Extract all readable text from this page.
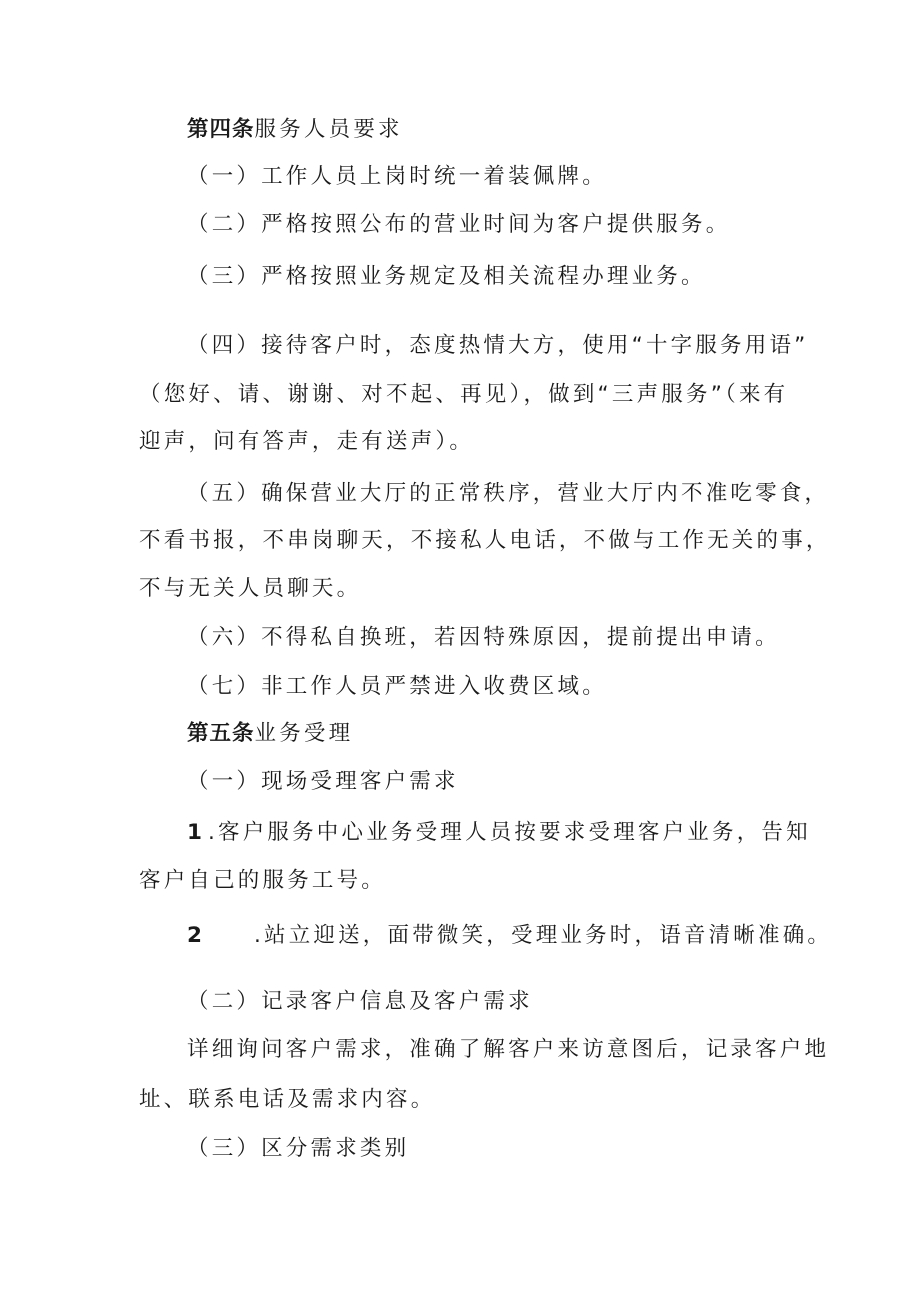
第四条服务人员要求

（一）工作人员上岗时统一着装佩牌。

（二）严格按照公布的营业时间为客户提供服务。

（三）严格按照业务规定及相关流程办理业务。

（四）接待客户时，态度热情大方，使用“十字服务用语”

（您好、请、谢谢、对不起、再见），做到“三声服务”（来有

迎声，问有答声，走有送声）。

（五）确保营业大厅的正常秩序，营业大厅内不准吃零食，

不看书报，不串岗聊天，不接私人电话，不做与工作无关的事，

不与无关人员聊天。

（六）不得私自换班，若因特殊原因，提前提出申请。

（七）非工作人员严禁进入收费区域。

第五条业务受理

（一）现场受理客户需求

1 .客户服务中心业务受理人员按要求受理客户业务，告知

客户自己的服务工号。

2 .站立迎送，面带微笑，受理业务时，语音清晰准确。

（二）记录客户信息及客户需求

详细询问客户需求，准确了解客户来访意图后，记录客户地

址、联系电话及需求内容。

（三）区分需求类别
